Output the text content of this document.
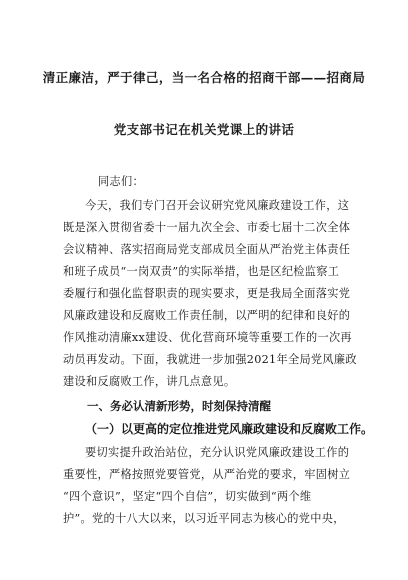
清正廉洁，严于律己，当一名合格的招商干部——招商局
党支部书记在机关党课上的讲话
同志们：
今天，我们专门召开会议研究党风廉政建设工作，这
既是深入贯彻省委十一届九次全会、市委七届十二次全体
会议精神、落实招商局党支部成员全面从严治党主体责任
和班子成员“一岗双责”的实际举措，也是区纪检监察工
委履行和强化监督职责的现实要求，更是我局全面落实党
风廉政建设和反腐败工作责任制，以严明的纪律和良好的
作风推动清廉xx建设、优化营商环境等重要工作的一次再
动员再发动。下面，我就进一步加强2021年全局党风廉政
建设和反腐败工作，讲几点意见。
一、务必认清新形势，时刻保持清醒
（一）以更高的定位推进党风廉政建设和反腐败工作。
要切实提升政治站位，充分认识党风廉政建设工作的
重要性，严格按照党要管党，从严治党的要求，牢固树立
“四个意识”，坚定“四个自信”，切实做到“两个维
护”。党的十八大以来，以习近平同志为核心的党中央，
